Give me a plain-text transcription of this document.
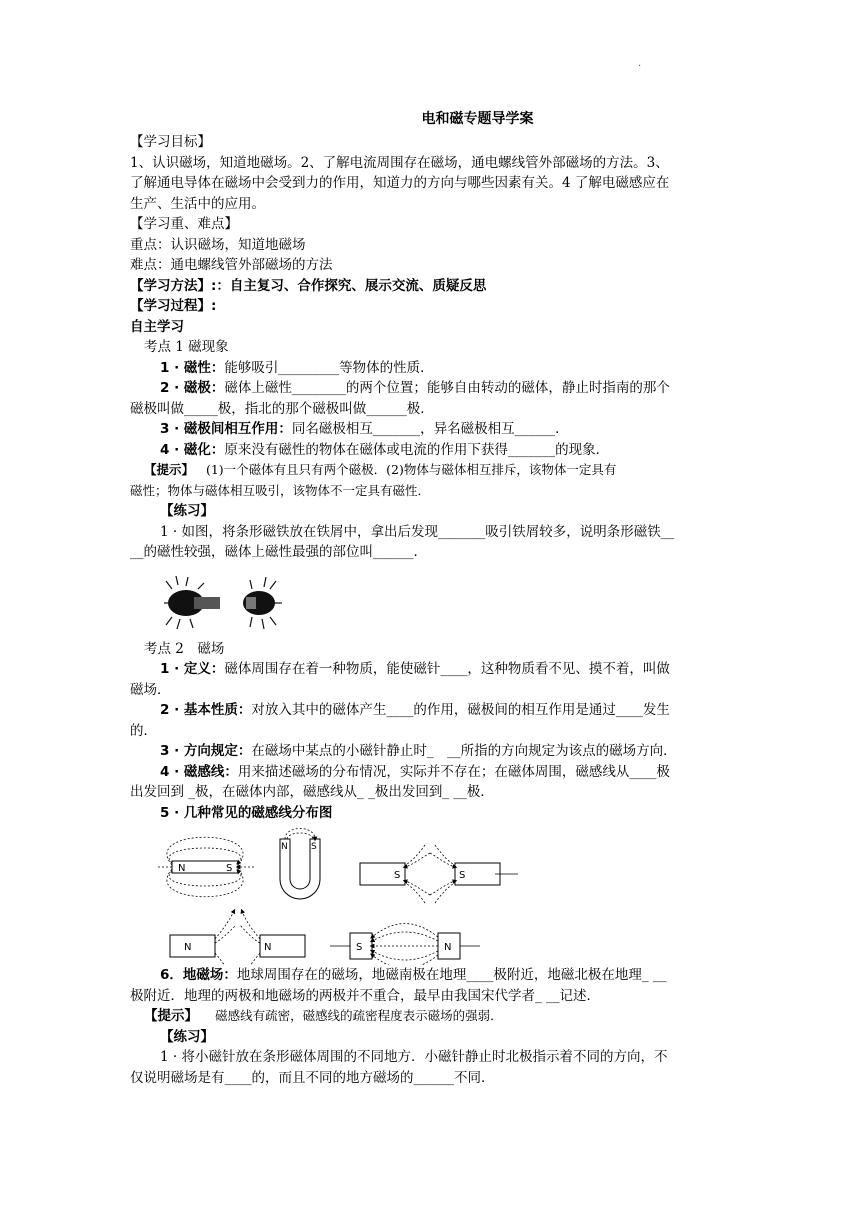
.
电和磁专题导学案
【学习目标】
1、认识磁场，知道地磁场。2、了解电流周围存在磁场，通电螺线管外部磁场的方法。3、
了解通电导体在磁场中会受到力的作用，知道力的方向与哪些因素有关。4 了解电磁感应在
生产、生活中的应用。
【学习重、难点】
重点：认识磁场，知道地磁场
难点：通电螺线管外部磁场的方法
【学习方法】:：自主复习、合作探究、展示交流、质疑反思
【学习过程】:
自主学习
考点 1 磁现象
1 · 磁性：能够吸引_________等物体的性质．
2 · 磁极：磁体上磁性________的两个位置；能够自由转动的磁体，静止时指南的那个
磁极叫做_____极，指北的那个磁极叫做______极．
3 · 磁极间相互作用：同名磁极相互_______，异名磁极相互______．
4 · 磁化：原来没有磁性的物体在磁体或电流的作用下获得_______的现象．
【提示】 (1)一个磁体有且只有两个磁极．(2)物体与磁体相互排斥，该物体一定具有
磁性；物体与磁体相互吸引，该物体不一定具有磁性．
【练习】
1 · 如图，将条形磁铁放在铁屑中，拿出后发现_______吸引铁屑较多，说明条形磁铁__
__的磁性较强，磁体上磁性最强的部位叫______．
考点 2　磁场
1 · 定义：磁体周围存在着一种物质，能使磁针____，这种物质看不见、摸不着，叫做
磁场．
2 · 基本性质：对放入其中的磁体产生____的作用，磁极间的相互作用是通过____发生
的．
3 · 方向规定：在磁场中某点的小磁针静止时_　__所指的方向规定为该点的磁场方向．
4 · 磁感线：用来描述磁场的分布情况，实际并不存在；在磁体周围，磁感线从____极
出发回到 _极，在磁体内部，磁感线从_ _极出发回到_ __极．
5 · 几种常见的磁感线分布图
N	S
N	S
S	S
N	N	S	N
6．地磁场：地球周围存在的磁场，地磁南极在地理____极附近，地磁北极在地理_ __
极附近．地理的两极和地磁场的两极并不重合，最早由我国宋代学者_ __记述．
【提示】 磁感线有疏密，磁感线的疏密程度表示磁场的强弱．
【练习】
1 · 将小磁针放在条形磁体周围的不同地方．小磁针静止时北极指示着不同的方向，不
仅说明磁场是有____的，而且不同的地方磁场的______不同．
